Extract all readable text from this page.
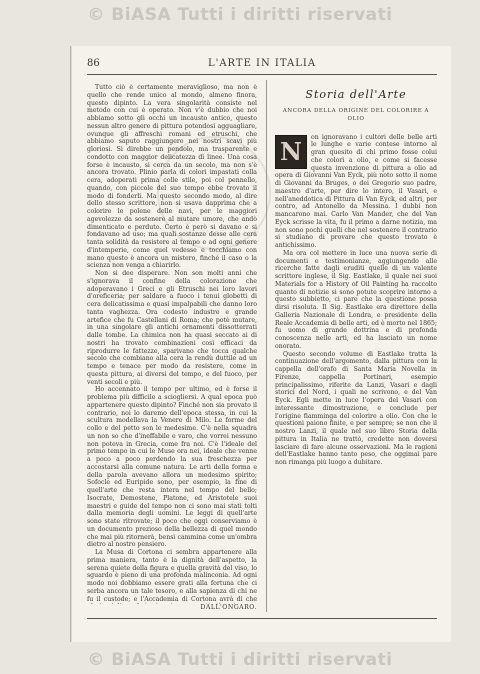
© BiASA Tutti i diritti riservati
86	L'ARTE IN ITALIA

Tutto ciò è certamente meraviglioso, ma non è quello che rende unico al mondo, almeno finora, questo dipinto. La vera singolarità consiste nel metodo con cui è operato. Non v'è dubbio che noi abbiamo sotto gli occhi un incausto antico, questo nessun altro genere di pittura potendosi agguagliare, ovunque gli affreschi romani ed etruschi, che abbiamo saputo raggiungere nei nostri scavi più gloriosi. Si direbbe un pendolo, ma trasparente e condotto con maggior delicatezza di linee. Una cosa forse è incausto, si cerca da un secolo, ma non s'è ancora trovato. Plinio parla di colori impastati colla cera, adoperati prima colle stile, poi col pennello, quando, con piccole del suo tempo ebbe trovato il modo di fonderli. Ma questo secondo modo, al dire dello stesso scrittore, non si usava dapprima che a colorire le polene delle navi, per le maggiori agevolezze da sostenere al mutare umore, che andò dimenticato e perduto. Certo è però si davano e si fondavano ad uso; ma quali sostanze desse alle cera tanta solidità da resistere al tempo e ad ogni genere d'intemperie, come quel vedesse e tocchiamo con mano questo è ancora un mistero, finché il caso o la scienza non venga a chiarirlo.

Non si dee disperare. Non son molti anni che s'ignorava il confine della colorazione che adoperavano i Greci e gli Etruschi nei loro lavori d'oreficeria; per saldare a fuoco i tenui globetti di cera delicatissima e quasi impalpabili che danno loro tanta vaghezza. Ora codesto industre e grande artefice che fu Castellani di Roma; che potè mutare, in una singolare gli antichi ornamenti dissotterrati dalle tombe. La chimica non ha quasi seccato ai di nostri ha trovato combinazioni così efficaci da riprodurre le fattezze, sparivano che tocca qualche secolo che combiano alla cera la rendù duttile ad un tempo e tenace per modo da resistere, come in questa pittura, ai diversi del tempo, e del fuoco, per venti secoli e più.

Ho accennato il tempo per ultimo, ed è forse il problema più difficile a sciogliersi. A qual epoca può appartenere questo dipinto? Finché non sia provato il contrario, noi lo daremo dell'epoca stessa, in cui la scultura modellava la Venere di Milo. Le forme del collo e del petto son le medesime. C'è nella squadra un non so che d'ineffabile e varo, che vorrei nessuno non poteva in Grecia, come fra noi. C'è l'ideale del primo tempo in cui le Muse ora nei, ideale che venne a poco a poco perdendo la sua freschezza per accostarsi alla comune natura. Le arti della forma e della parola avevano allora un medesimo spirito; Sofocle ed Euripide sono, per esempio, la fine di quell'arte che resta intera nel tempo del bello; Isocrate, Demostene, Platone, ed Aristotele suoi maestri e guide del tempo non ci sono mai stati tolti dalla memoria degli uomini. Le leggi di quell'arte sono state ritrovate; il poco che oggi conserviamo è un documento prezioso della bellezza di quel mondo che mai più ritornerà, bensì cammina come un'ombra dietro al nostro pensiero.

La Musa di Cortona ci sembra appartenere alla prima maniera, tanto è la dignità dell'aspetto, la serena quiete della figura e quella gravità del viso, lo sguardo è pieno di una profonda malinconia. Ad ogni modo noi dobbiamo essere grati alla fortuna che ci serba ancora un tale tesoro, e alla sapienza di chi ne fu il custode; e l'Accademia di Cortona avrà di che

DALL'ONGARO.
Storia dell'Arte
ANCORA DELLA ORIGINE DEL COLORIRE A OLIO
N	on ignoravano i cultori delle belle arti le lunghe e varie contese intorno al gran quesito di chi primo fosse colui che colorì a olio, e come si facesse questa invenzione di pittura a olio ad opera di Giovanni Van Eyck, più noto sotto il nome di Giovanni da Bruges, o dei Gregorio suo padre, maestro d'arte, per dire lo intero, il Vasari, e nell'aneddotica di Pittura di Van Eyck, ed altri, per contro, ad Antonello da Messina. I dubbi non mancarono mai. Carlo Van Mander, che del Van Eyck scrisse la vita, fu il primo a darne notizia, ma non sono pochi quelli che nel sostenere il contrario si studiano di provare che questo trovato è antichissimo.

Ma ora col mettere in luce una nuova serie di documenti e testimonianze, aggiungendo alle ricerche fatte dagli eruditi quelle di un valente scrittore inglese, il Sig. Eastlake, il quale nei suoi Materials for a History of Oil Painting ha raccolto quanto di notizie si sono potute scoprire intorno a questo subbietto, ci pare che la questione possa dirsi risoluta. Il Sig. Eastlake era direttore della Galleria Nazionale di Londra, e presidente della Reale Accademia di belle arti, ed è morto nel 1865; fu uomo di grande dottrina e di profonda conoscenza nelle arti, ed ha lasciato un nome onorato.

Questo secondo volume di Eastlake tratta la continuazione dell'argomento, dalla pittura con la cappella dell'orafo di Santa Maria Novella in Firenze, cappella Portinari, esempio principalissimo, riferite da Lanzi, Vasari e dagli storici del Nord, i quali ne scrivono, e del Van Eyck. Egli mette in luce l'opera del Vasari con interessante dimostrazione, e conclude per l'origine fiamminga del colorire a olio. Con che le questioni paiono finite, e per sempre; se non che il nostro Lanzi, il quale nel suo libro Storia della pittura in Italia ne trattò, credette non doversi lasciare di fare alcune osservazioni. Ma le ragioni dell'Eastlake hanno tanto peso, che oggimai pare non rimanga più luogo a dubitare.

© BiASA Tutti i diritti riservati
